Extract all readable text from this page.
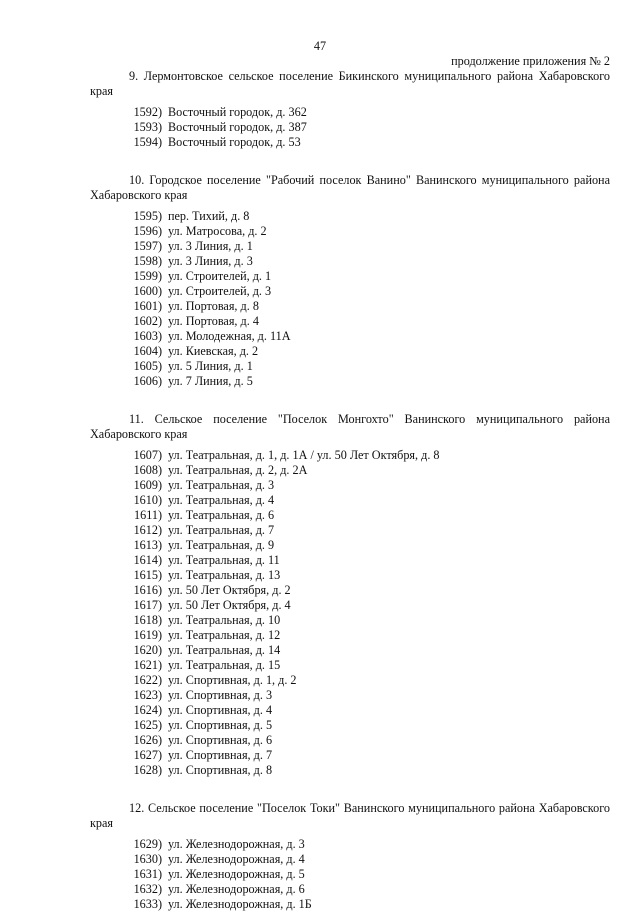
47
продолжение приложения № 2

9. Лермонтовское сельское поселение Бикинского муниципального района Хабаровского края

1592) Восточный городок, д. 362
1593) Восточный городок, д. 387
1594) Восточный городок, д. 53

10. Городское поселение "Рабочий поселок Ванино" Ванинского муниципального района Хабаровского края

1595) пер. Тихий, д. 8
1596) ул. Матросова, д. 2
1597) ул. 3 Линия, д. 1
1598) ул. 3 Линия, д. 3
1599) ул. Строителей, д. 1
1600) ул. Строителей, д. 3
1601) ул. Портовая, д. 8
1602) ул. Портовая, д. 4
1603) ул. Молодежная, д. 11А
1604) ул. Киевская, д. 2
1605) ул. 5 Линия, д. 1
1606) ул. 7 Линия, д. 5

11. Сельское поселение "Поселок Монгохто" Ванинского муниципального района Хабаровского края

1607) ул. Театральная, д. 1, д. 1А / ул. 50 Лет Октября, д. 8
1608) ул. Театральная, д. 2, д. 2А
1609) ул. Театральная, д. 3
1610) ул. Театральная, д. 4
1611) ул. Театральная, д. 6
1612) ул. Театральная, д. 7
1613) ул. Театральная, д. 9
1614) ул. Театральная, д. 11
1615) ул. Театральная, д. 13
1616) ул. 50 Лет Октября, д. 2
1617) ул. 50 Лет Октября, д. 4
1618) ул. Театральная, д. 10
1619) ул. Театральная, д. 12
1620) ул. Театральная, д. 14
1621) ул. Театральная, д. 15
1622) ул. Спортивная, д. 1, д. 2
1623) ул. Спортивная, д. 3
1624) ул. Спортивная, д. 4
1625) ул. Спортивная, д. 5
1626) ул. Спортивная, д. 6
1627) ул. Спортивная, д. 7
1628) ул. Спортивная, д. 8

12. Сельское поселение "Поселок Токи" Ванинского муниципального района Хабаровского края

1629) ул. Железнодорожная, д. 3
1630) ул. Железнодорожная, д. 4
1631) ул. Железнодорожная, д. 5
1632) ул. Железнодорожная, д. 6
1633) ул. Железнодорожная, д. 1Б
